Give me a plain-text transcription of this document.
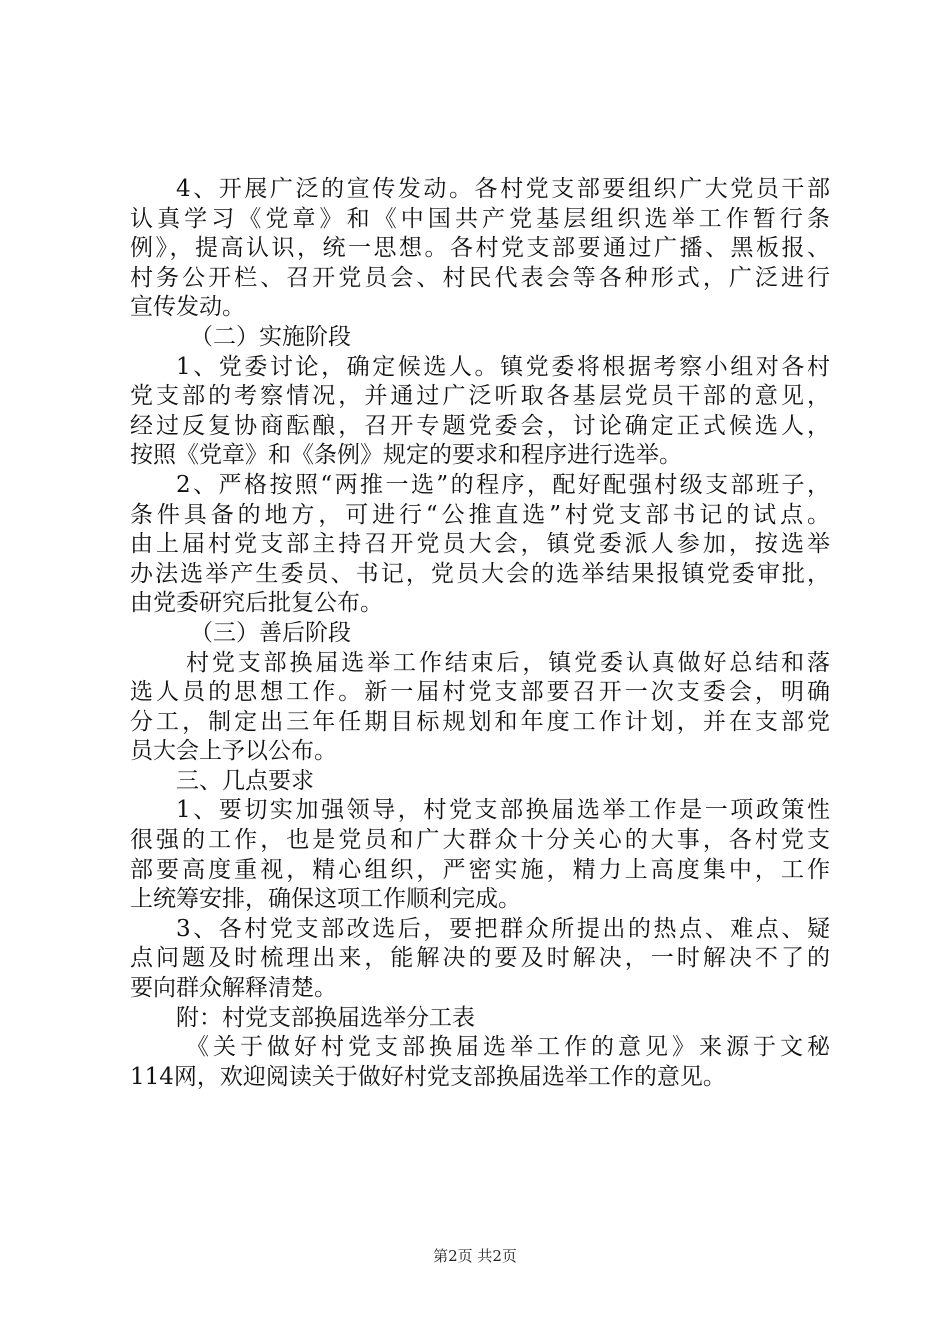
4、开展广泛的宣传发动。各村党支部要组织广大党员干部
认真学习《党章》和《中国共产党基层组织选举工作暂行条
例》，提高认识，统一思想。各村党支部要通过广播、黑板报、
村务公开栏、召开党员会、村民代表会等各种形式，广泛进行
宣传发动。
（二）实施阶段
1、党委讨论，确定候选人。镇党委将根据考察小组对各村
党支部的考察情况，并通过广泛听取各基层党员干部的意见，
经过反复协商酝酿，召开专题党委会，讨论确定正式候选人，
按照《党章》和《条例》规定的要求和程序进行选举。
2、严格按照“两推一选”的程序，配好配强村级支部班子，
条件具备的地方，可进行“公推直选”村党支部书记的试点。
由上届村党支部主持召开党员大会，镇党委派人参加，按选举
办法选举产生委员、书记，党员大会的选举结果报镇党委审批，
由党委研究后批复公布。
（三）善后阶段
村党支部换届选举工作结束后，镇党委认真做好总结和落
选人员的思想工作。新一届村党支部要召开一次支委会，明确
分工，制定出三年任期目标规划和年度工作计划，并在支部党
员大会上予以公布。
三、几点要求
1、要切实加强领导，村党支部换届选举工作是一项政策性
很强的工作，也是党员和广大群众十分关心的大事，各村党支
部要高度重视，精心组织，严密实施，精力上高度集中，工作
上统筹安排，确保这项工作顺利完成。
3、各村党支部改选后，要把群众所提出的热点、难点、疑
点问题及时梳理出来，能解决的要及时解决，一时解决不了的
要向群众解释清楚。
附：村党支部换届选举分工表
《关于做好村党支部换届选举工作的意见》来源于文秘
114网，欢迎阅读关于做好村党支部换届选举工作的意见。
第2页 共2页
